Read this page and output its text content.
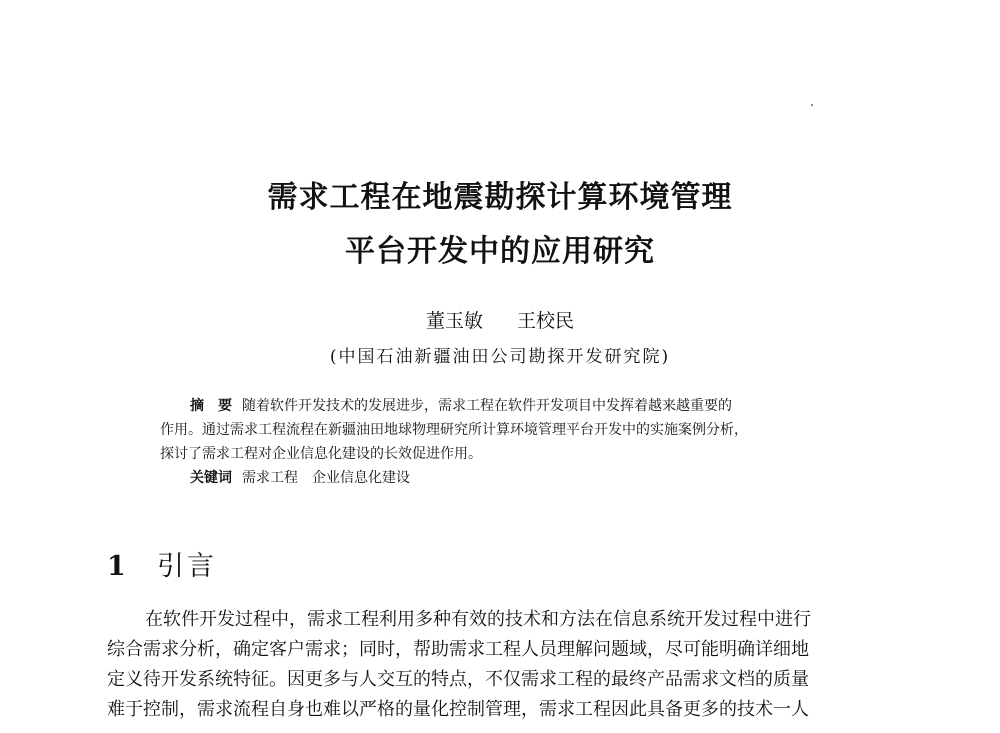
需求工程在地震勘探计算环境管理
平台开发中的应用研究
董玉敏 王校民
(中国石油新疆油田公司勘探开发研究院)
摘　要 随着软件开发技术的发展进步，需求工程在软件开发项目中发挥着越来越重要的
作用。通过需求工程流程在新疆油田地球物理研究所计算环境管理平台开发中的实施案例分析，
探讨了需求工程对企业信息化建设的长效促进作用。
关键词 需求工程 企业信息化建设
1 引言
在软件开发过程中，需求工程利用多种有效的技术和方法在信息系统开发过程中进行
综合需求分析，确定客户需求；同时，帮助需求工程人员理解问题域，尽可能明确详细地
定义待开发系统特征。因更多与人交互的特点，不仅需求工程的最终产品需求文档的质量
难于控制，需求流程自身也难以严格的量化控制管理，需求工程因此具备更多的技术一人
